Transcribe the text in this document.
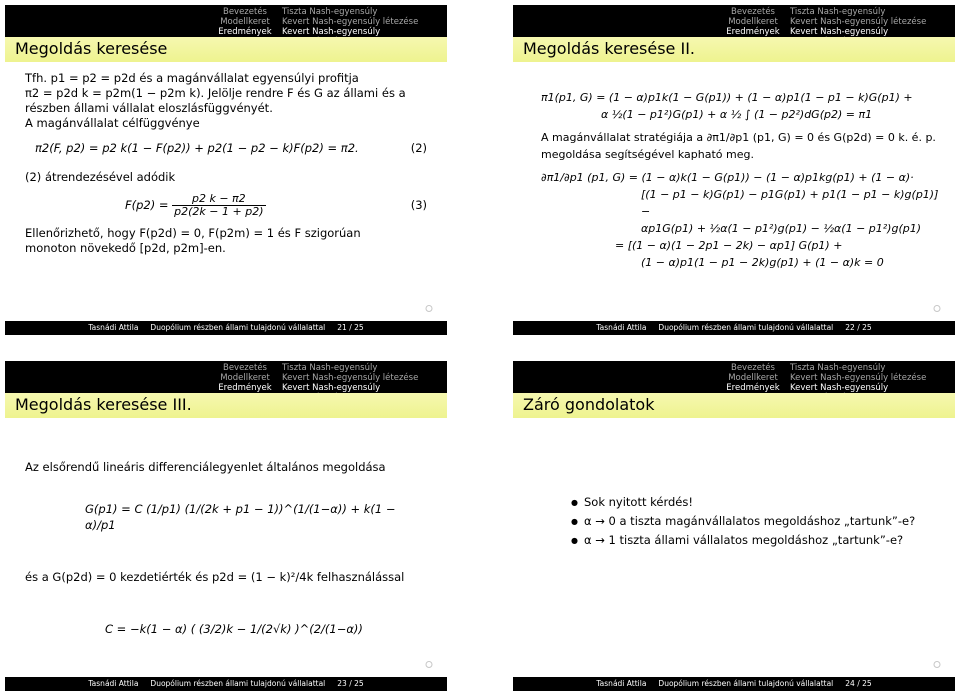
Bevezetés
Modellkeret
Eredmények
Tiszta Nash-egyensúly
Kevert Nash-egyensúly létezése
Kevert Nash-egyensúly
Megoldás keresése

Tfh. p1 = p2 = p2d és a magánvállalat egyensúlyi profitja

π2 = p2d k = p2m(1 − p2m k). Jelölje rendre F és G az állami és a

részben állami vállalat eloszlásfüggvényét.

A magánvállalat célfüggvénye

π2(F, p2) = p2 k(1 − F(p2)) + p2(1 − p2 − k)F(p2) = π2.	(2)

(2) átrendezésével adódik

$F(p2) = \frac{p2 k - \pi 2}{p2(2k - 1 + p2)}$	(3)

Ellenőrizhető, hogy F(p2d) = 0, F(p2m) = 1 és F szigorúan

monoton növekedő [p2d, p2m]-en.

Tasnádi Attila Duopólium részben állami tulajdonú vállalattal 21 / 25
Bevezetés
Modellkeret
Eredmények
Tiszta Nash-egyensúly
Kevert Nash-egyensúly létezése
Kevert Nash-egyensúly
Megoldás keresése II.
π1(p1, G) = (1 − α)p1k(1 − G(p1)) + (1 − α)p1(1 − p1 − k)G(p1) +
α ½(1 − p1²)G(p1) + α ½ ∫ (1 − p2²)dG(p2) = π1
A magánvállalat stratégiája a ∂π1/∂p1 (p1, G) = 0 és G(p2d) = 0 k. é. p.
megoldása segítségével kapható meg.
∂π1/∂p1 (p1, G) = (1 − α)k(1 − G(p1)) − (1 − α)p1kg(p1) + (1 − α)·
[(1 − p1 − k)G(p1) − p1G(p1) + p1(1 − p1 − k)g(p1)] −
αp1G(p1) + ½α(1 − p1²)g(p1) − ½α(1 − p1²)g(p1)
= [(1 − α)(1 − 2p1 − 2k) − αp1] G(p1) +
(1 − α)p1(1 − p1 − 2k)g(p1) + (1 − α)k = 0
Tasnádi Attila Duopólium részben állami tulajdonú vállalattal 22 / 25
Bevezetés
Modellkeret
Eredmények
Tiszta Nash-egyensúly
Kevert Nash-egyensúly létezése
Kevert Nash-egyensúly
Megoldás keresése III.
Az elsőrendű lineáris differenciálegyenlet általános megoldása
G(p1) = C (1/p1) (1/(2k + p1 − 1))^(1/(1−α)) + k(1 − α)/p1
és a G(p2d) = 0 kezdetiérték és p2d = (1 − k)²/4k felhasználással
C = −k(1 − α) ( (3/2)k − 1/(2√k) )^(2/(1−α))
Tasnádi Attila Duopólium részben állami tulajdonú vállalattal 23 / 25
Bevezetés
Modellkeret
Eredmények
Tiszta Nash-egyensúly
Kevert Nash-egyensúly létezése
Kevert Nash-egyensúly
Záró gondolatok
● Sok nyitott kérdés!
● α → 0 a tiszta magánvállalatos megoldáshoz „tartunk”-e?
● α → 1 tiszta állami vállalatos megoldáshoz „tartunk”-e?
Tasnádi Attila Duopólium részben állami tulajdonú vállalattal 24 / 25
